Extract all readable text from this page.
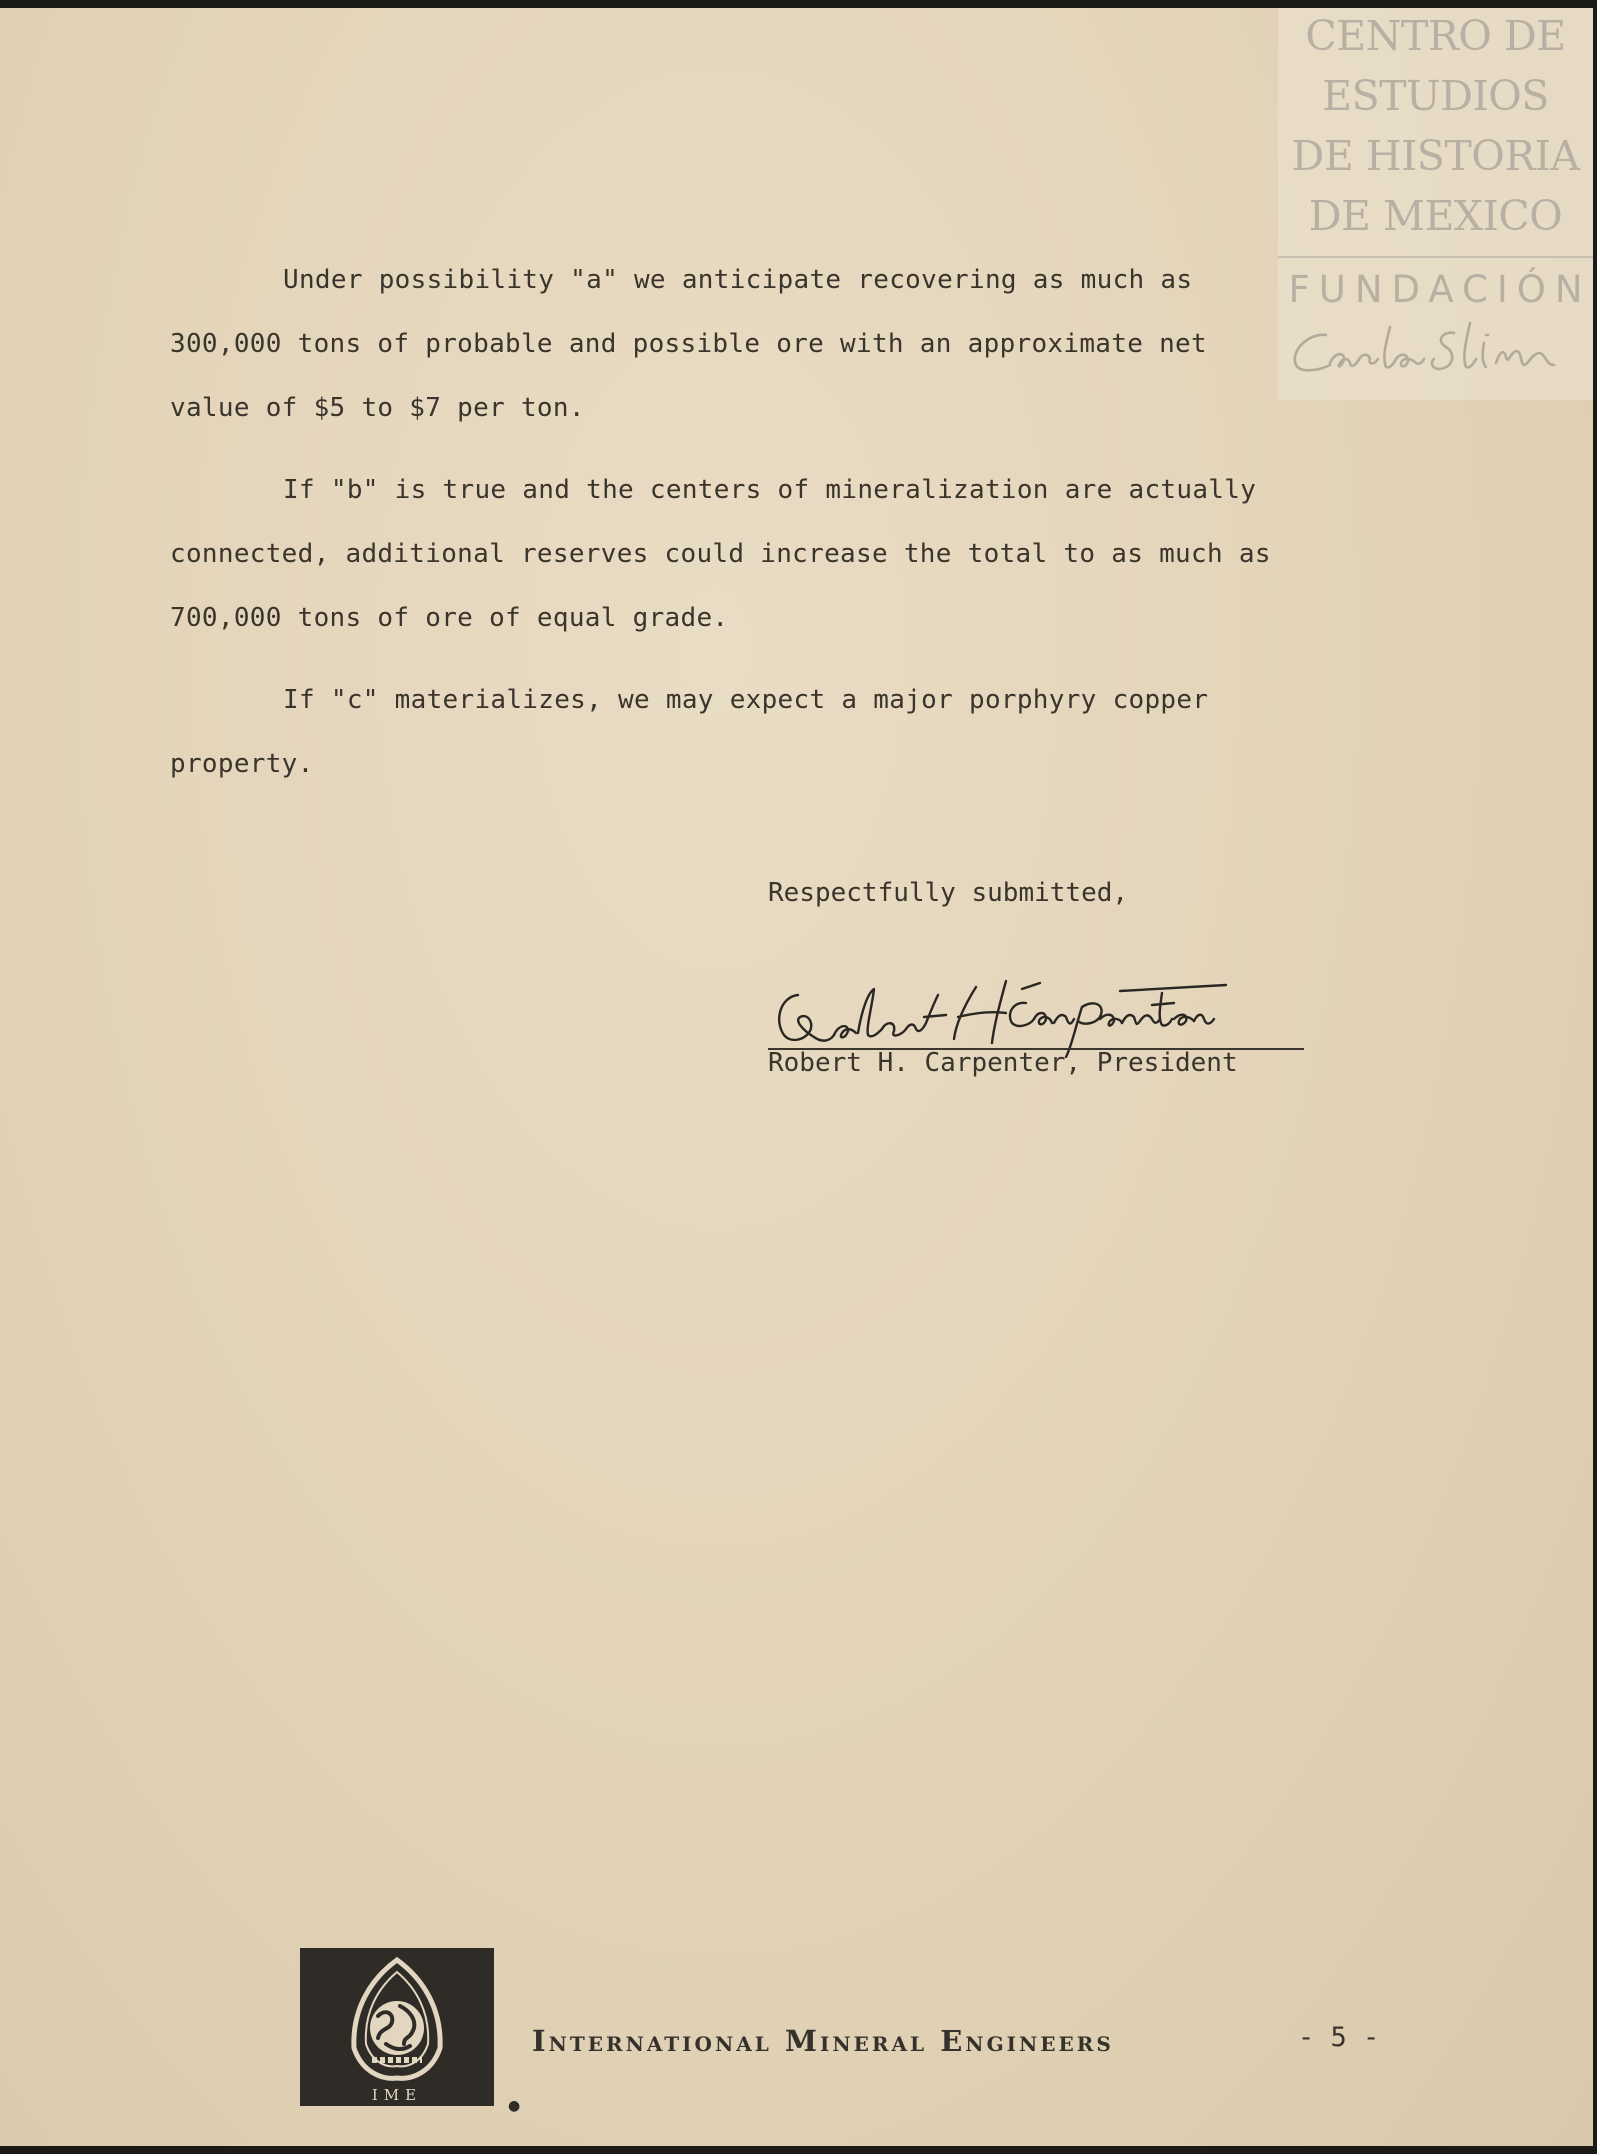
CENTRO DE
ESTUDIOS
DE HISTORIA
DE MEXICO
FUNDACIÓN

Under possibility "a" we anticipate recovering as much as 300,000 tons of probable and possible ore with an approximate net value of $5 to $7 per ton.

If "b" is true and the centers of mineralization are actually connected, additional reserves could increase the total to as much as 700,000 tons of ore of equal grade.

If "c" materializes, we may expect a major porphyry copper property.

Respectfully submitted,
Robert H. Carpenter, President
IME
●
International Mineral Engineers	- 5 -
